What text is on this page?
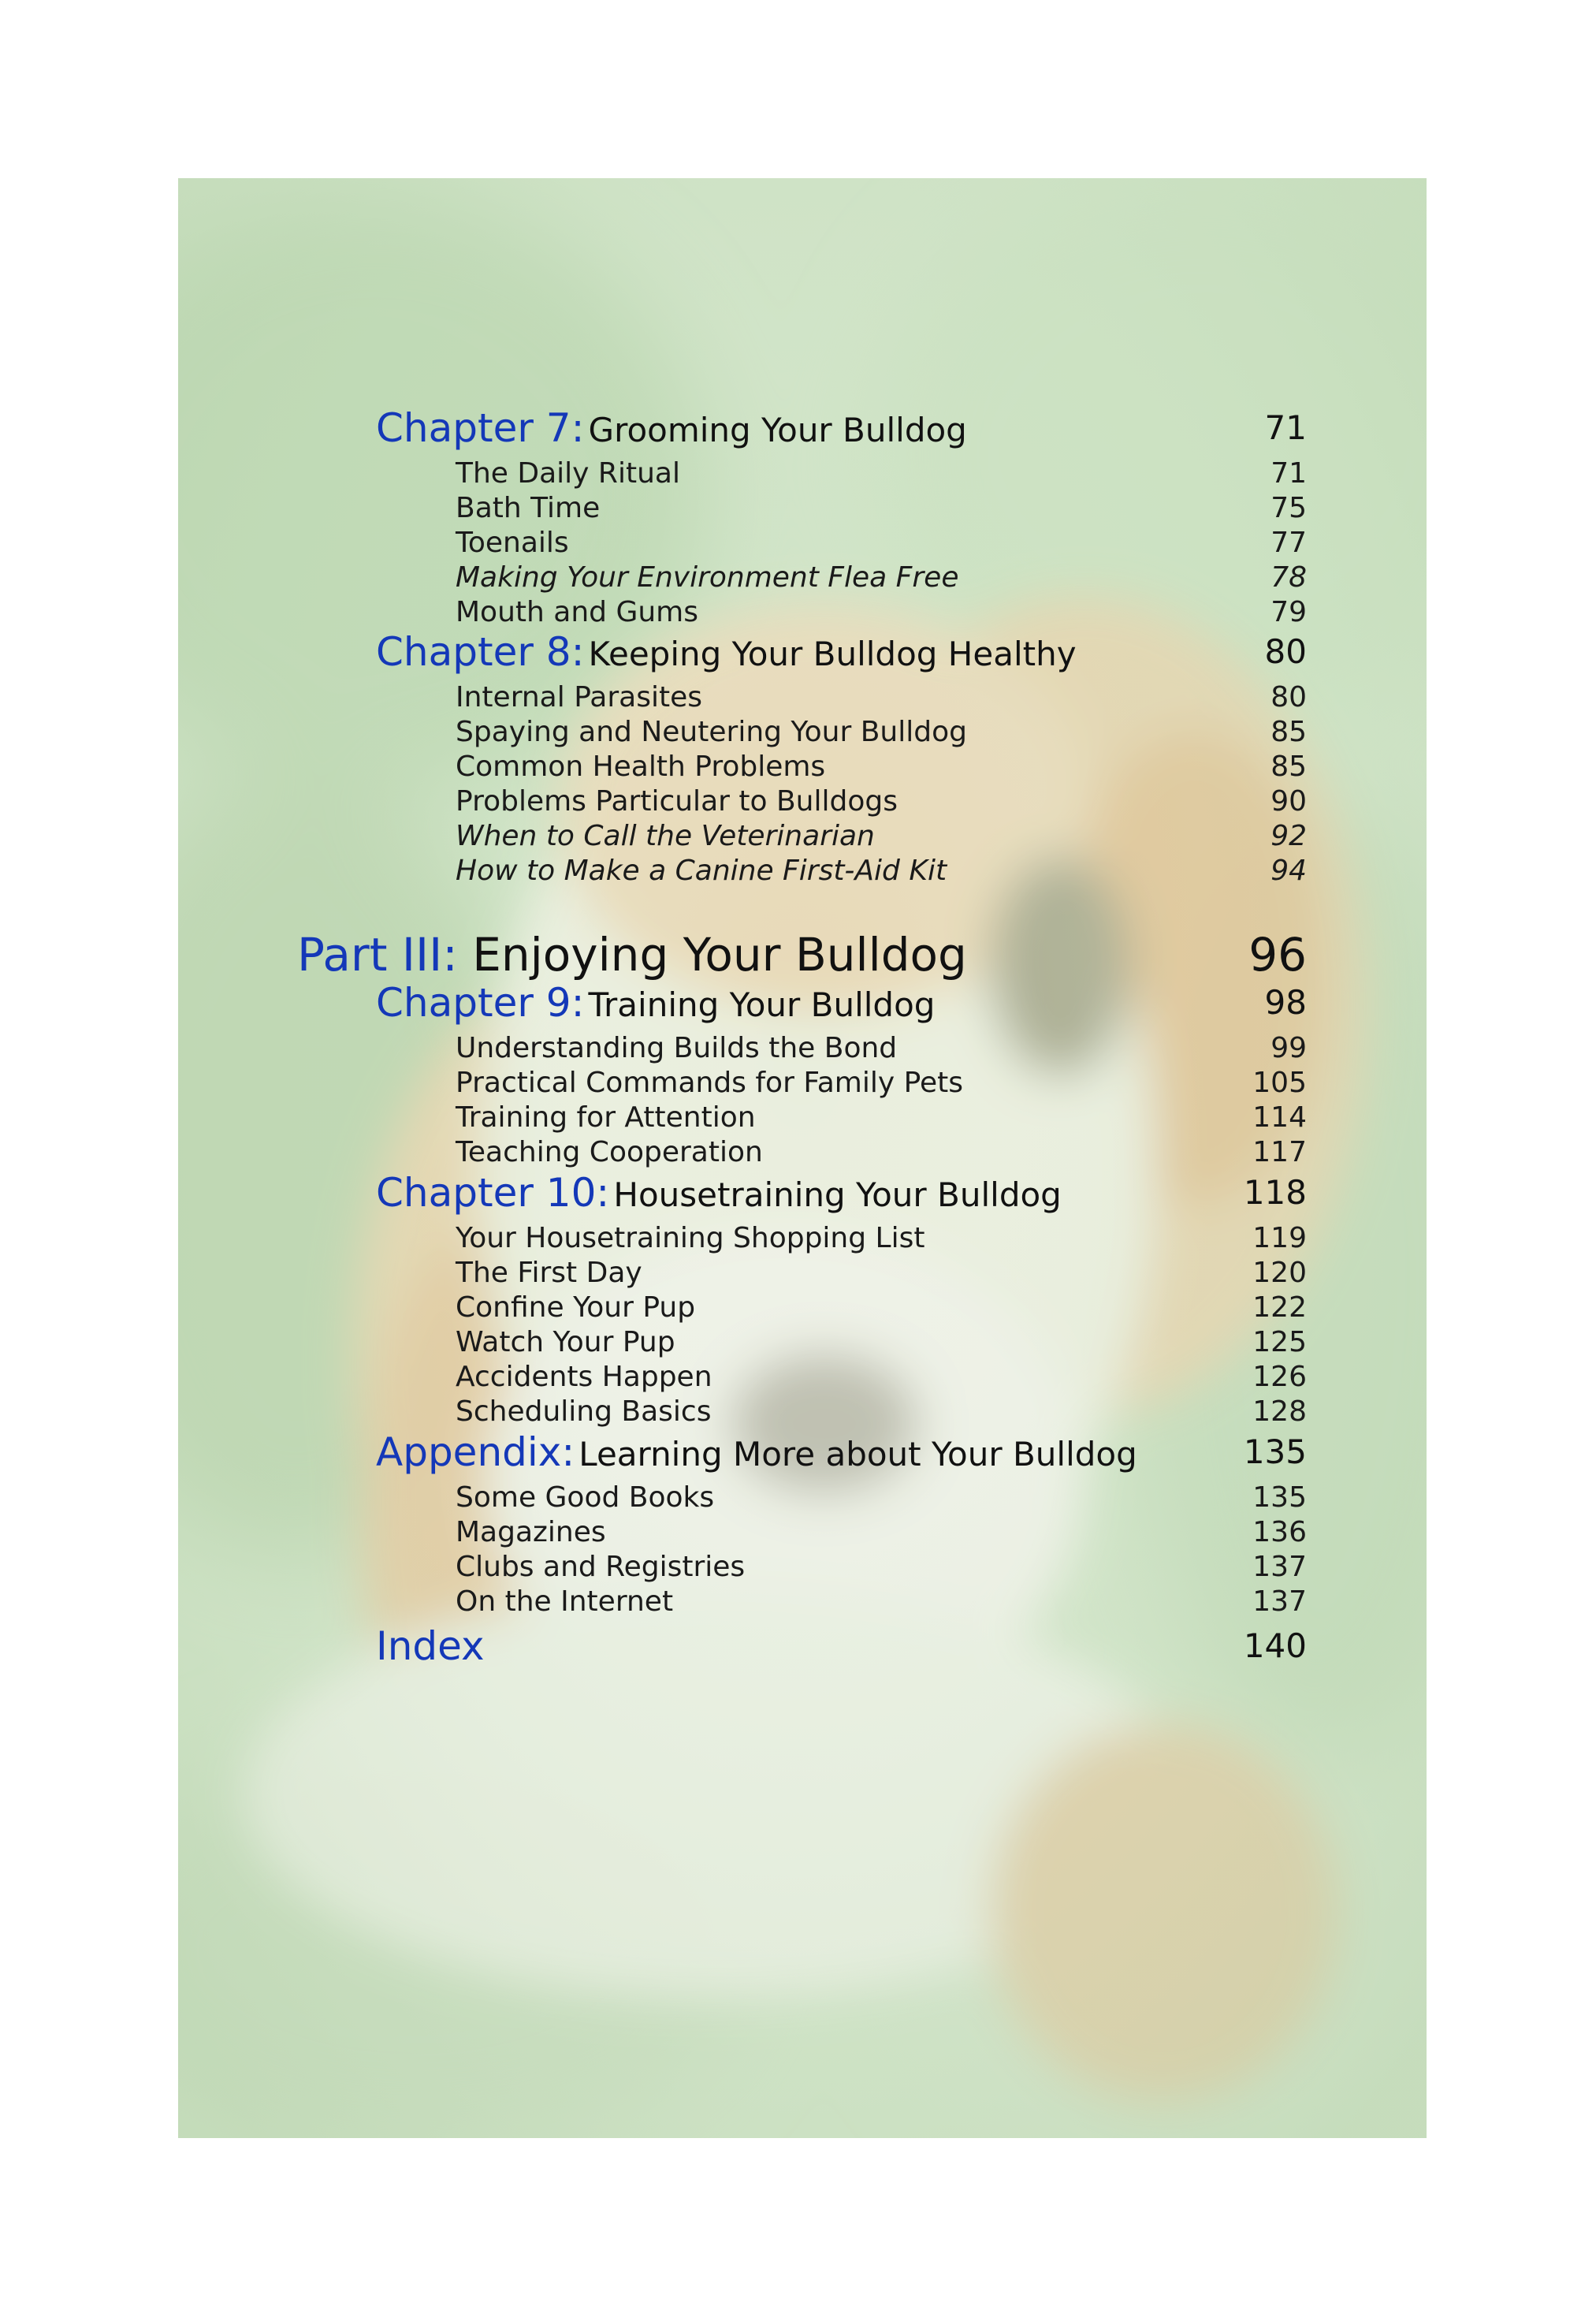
Chapter 7: Grooming Your Bulldog	71
The Daily Ritual	71
Bath Time	75
Toenails	77
Making Your Environment Flea Free	78
Mouth and Gums	79
Chapter 8: Keeping Your Bulldog Healthy	80
Internal Parasites	80
Spaying and Neutering Your Bulldog	85
Common Health Problems	85
Problems Particular to Bulldogs	90
When to Call the Veterinarian	92
How to Make a Canine First-Aid Kit	94
Part III: Enjoying Your Bulldog	96
Chapter 9: Training Your Bulldog	98
Understanding Builds the Bond	99
Practical Commands for Family Pets	105
Training for Attention	114
Teaching Cooperation	117
Chapter 10: Housetraining Your Bulldog	118
Your Housetraining Shopping List	119
The First Day	120
Confine Your Pup	122
Watch Your Pup	125
Accidents Happen	126
Scheduling Basics	128
Appendix: Learning More about Your Bulldog	135
Some Good Books	135
Magazines	136
Clubs and Registries	137
On the Internet	137
Index	140
